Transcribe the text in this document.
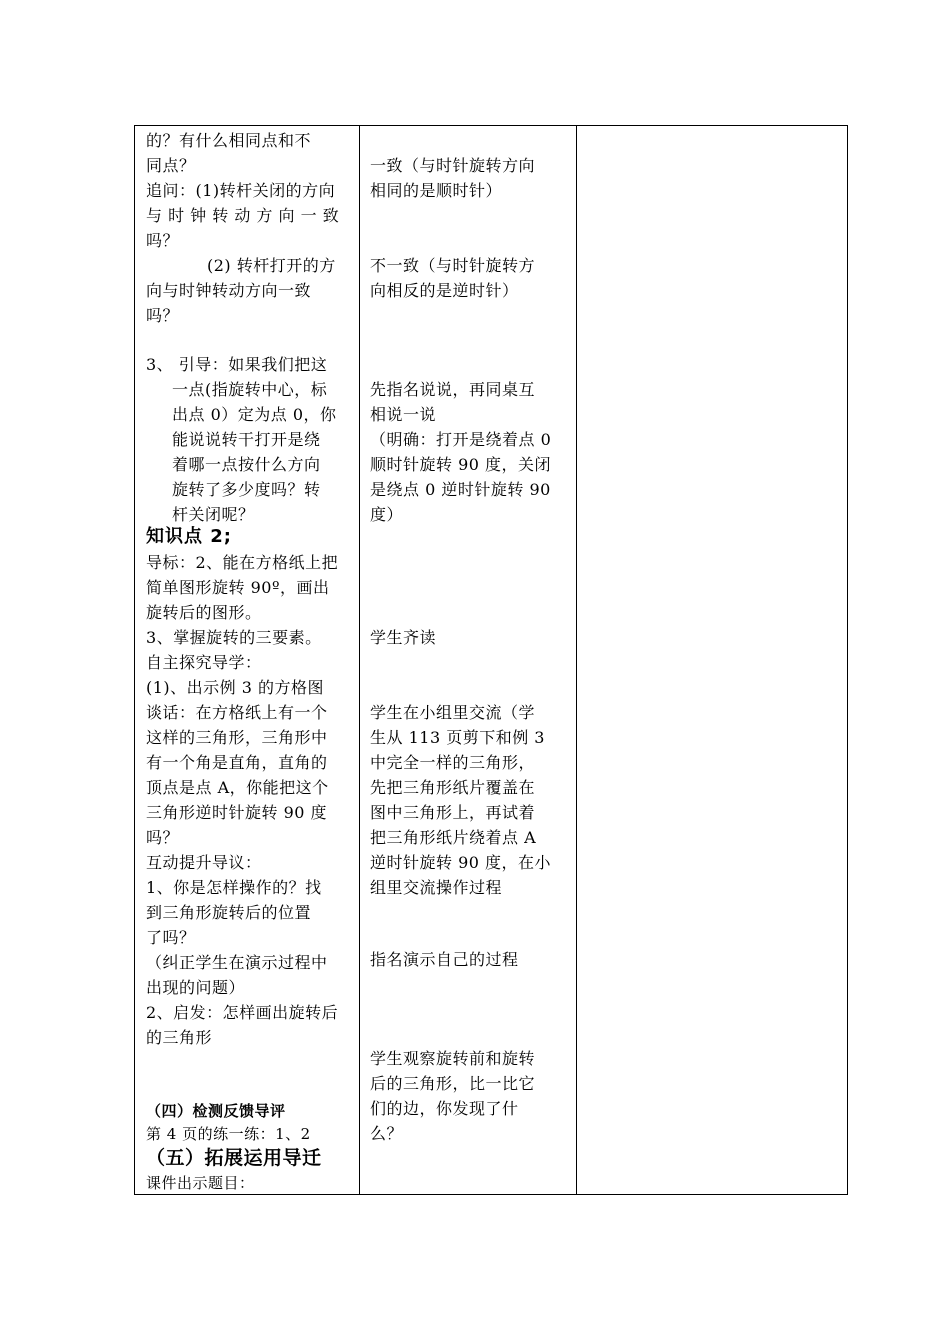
的？有什么相同点和不
同点？
追问：(1)转杆关闭的方向
与 时 钟 转 动 方 向 一 致
吗？
(2) 转杆打开的方
向与时钟转动方向一致
吗？
3、 引导：如果我们把这
一点(指旋转中心，标
出点 0）定为点 0，你
能说说转干打开是绕
着哪一点按什么方向
旋转了多少度吗？转
杆关闭呢？
知识点 2;
导标：2、能在方格纸上把
简单图形旋转 90º，画出
旋转后的图形。
3、掌握旋转的三要素。
自主探究导学：
(1)、出示例 3 的方格图
谈话：在方格纸上有一个
这样的三角形，三角形中
有一个角是直角，直角的
顶点是点 A，你能把这个
三角形逆时针旋转 90 度
吗？
互动提升导议：
1、你是怎样操作的？找
到三角形旋转后的位置
了吗？
（纠正学生在演示过程中
出现的问题）
2、启发：怎样画出旋转后
的三角形
（四）检测反馈导评
第 4 页的练一练：1、2
（五）拓展运用导迁
课件出示题目：
一致（与时针旋转方向
相同的是顺时针）
不一致（与时针旋转方
向相反的是逆时针）
先指名说说，再同桌互
相说一说
（明确：打开是绕着点 0
顺时针旋转 90 度，关闭
是绕点 0 逆时针旋转 90
度）
学生齐读
学生在小组里交流（学
生从 113 页剪下和例 3
中完全一样的三角形，
先把三角形纸片覆盖在
图中三角形上，再试着
把三角形纸片绕着点 A
逆时针旋转 90 度，在小
组里交流操作过程
指名演示自己的过程
学生观察旋转前和旋转
后的三角形，比一比它
们的边，你发现了什
么？
